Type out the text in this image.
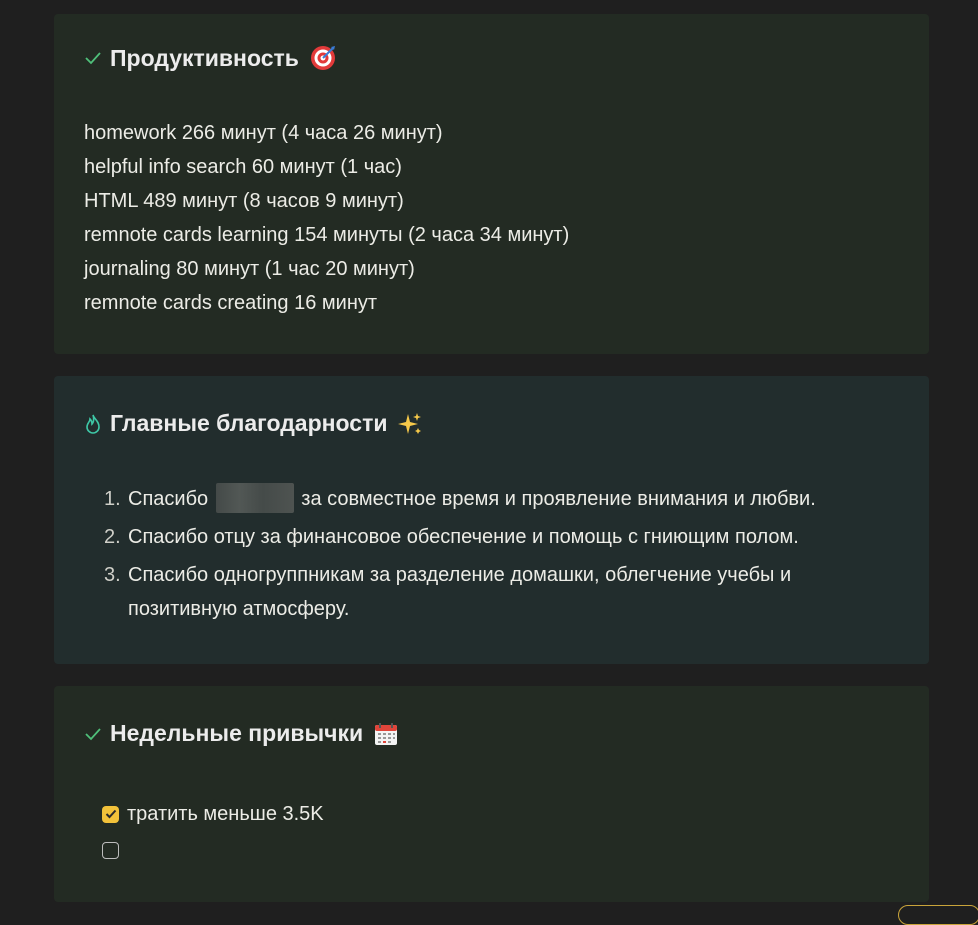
Продуктивность
homework 266 минут (4 часа 26 минут)
helpful info search 60 минут (1 час)
HTML 489 минут (8 часов 9 минут)
remnote cards learning 154 минуты (2 часа 34 минут)
journaling 80 минут (1 час 20 минут)
remnote cards creating 16 минут
Главные благодарности
1. Спасибо	за совместное время и проявление внимания и любви.
2. Спасибо отцу за финансовое обеспечение и помощь с гниющим полом.
3. Спасибо одногруппникам за разделение домашки, облегчение учебы и позитивную атмосферу.
Недельные привычки
тратить меньше 3.5K
